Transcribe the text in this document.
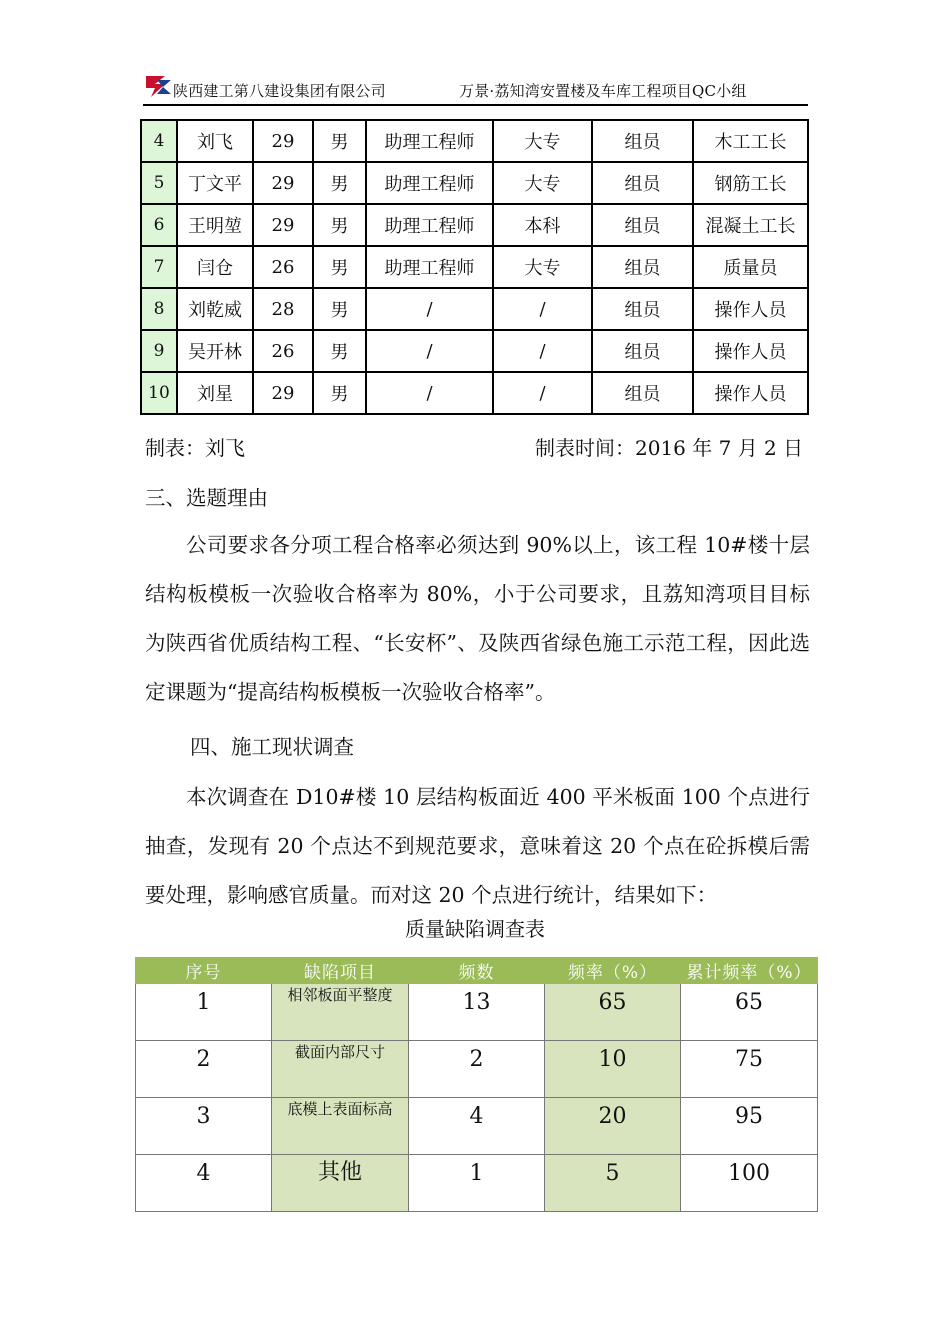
陕西建工第八建设集团有限公司	万景·荔知湾安置楼及车库工程项目QC小组
4	刘飞	29	男	助理工程师	大专	组员	木工工长
5	丁文平	29	男	助理工程师	大专	组员	钢筋工长
6	王明堃	29	男	助理工程师	本科	组员	混凝土工长
7	闫仓	26	男	助理工程师	大专	组员	质量员
8	刘乾威	28	男	/	/	组员	操作人员
9	吴开林	26	男	/	/	组员	操作人员
10	刘星	29	男	/	/	组员	操作人员
制表：刘飞	制表时间：2016 年 7 月 2 日
三、选题理由
公司要求各分项工程合格率必须达到 90%以上，该工程 10#楼十层结构板模板一次验收合格率为 80%，小于公司要求，且荔知湾项目目标为陕西省优质结构工程、“长安杯”、及陕西省绿色施工示范工程，因此选定课题为“提高结构板模板一次验收合格率”。
四、施工现状调查
本次调查在 D10#楼 10 层结构板面近 400 平米板面 100 个点进行抽查，发现有 20 个点达不到规范要求，意味着这 20 个点在砼拆模后需要处理，影响感官质量。而对这 20 个点进行统计，结果如下：
质量缺陷调查表
序号	缺陷项目	频数	频率（%）	累计频率（%）
1	相邻板面平整度	13	65	65
2	截面内部尺寸	2	10	75
3	底模上表面标高	4	20	95
4	其他	1	5	100
